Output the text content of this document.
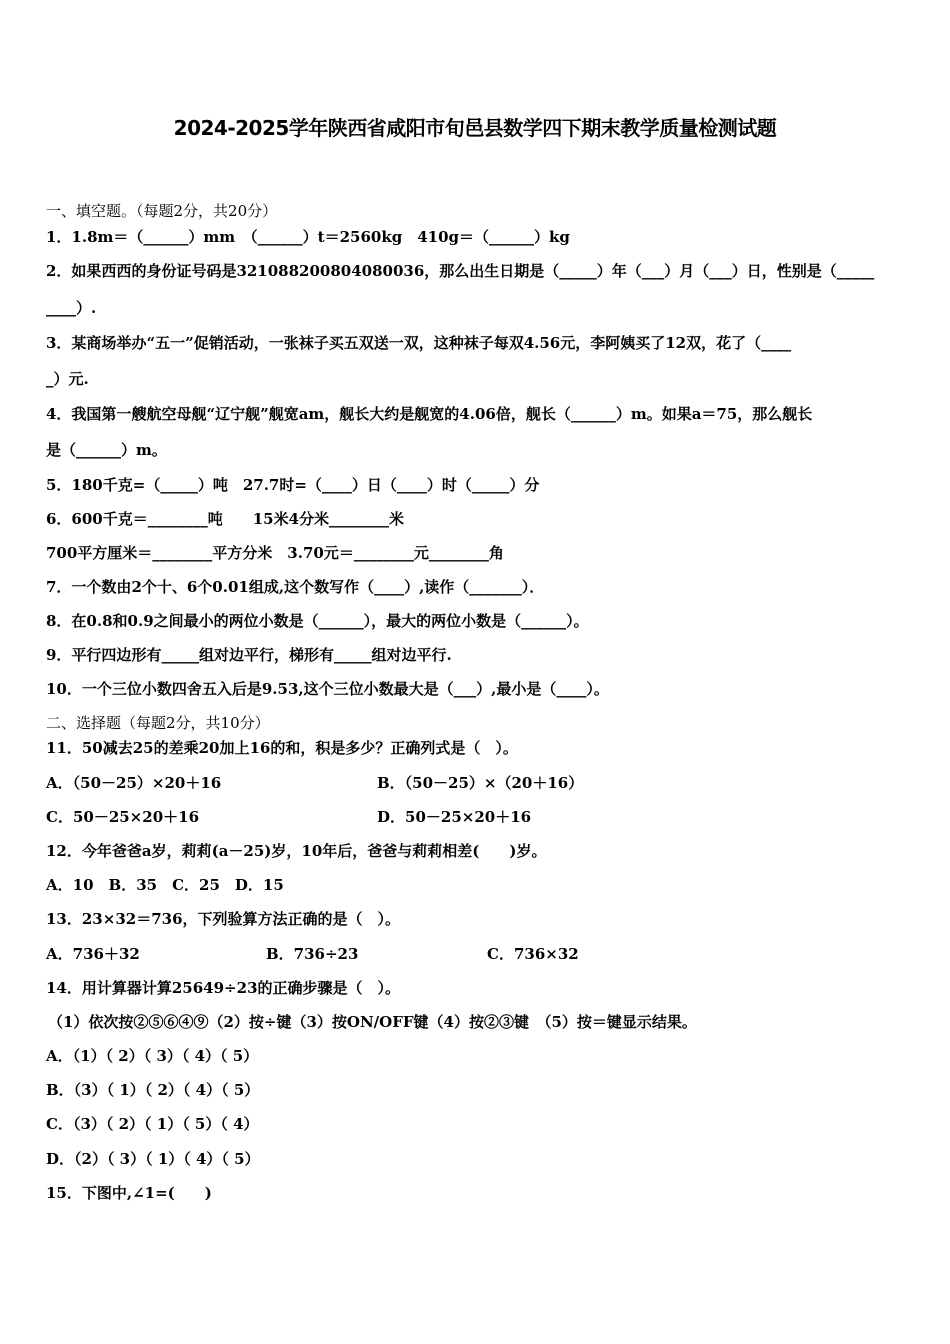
2024-2025学年陕西省咸阳市旬邑县数学四下期末教学质量检测试题
一、填空题。（每题2分，共20分）
1．1.8m＝（______）mm　（______）t＝2560kg　410g＝（______）kg
2．如果西西的身份证号码是321088200804080036，那么出生日期是（_____）年（___）月（___）日，性别是（_____
____）.
3．某商场举办“五一”促销活动，一张袜子买五双送一双，这种袜子每双4.56元，李阿姨买了12双，花了（____
_）元.
4．我国第一艘航空母舰“辽宁舰”舰宽am，舰长大约是舰宽的4.06倍，舰长（______）m。如果a＝75，那么舰长
是（______）m。
5．180千克=（_____）吨　27.7时=（____）日（____）时（_____）分
6．600千克＝________吨　　15米4分米________米
700平方厘米＝________平方分米　3.70元＝________元________角
7．一个数由2个十、6个0.01组成,这个数写作（____）,读作（_______）．
8．在0.8和0.9之间最小的两位小数是（______），最大的两位小数是（______）。
9．平行四边形有_____组对边平行，梯形有_____组对边平行.
10．一个三位小数四舍五入后是9.53,这个三位小数最大是（___）,最小是（____）。
二、选择题（每题2分，共10分）
11．50减去25的差乘20加上16的和，积是多少？正确列式是（　）。
A．（50－25）×20＋16	B．（50－25）×（20＋16）
C．50－25×20＋16	D．50－25×20＋16
12．今年爸爸a岁，莉莉(a－25)岁，10年后，爸爸与莉莉相差(　　)岁。
A．10　B．35　C．25　D．15
13．23×32＝736，下列验算方法正确的是（　）。
A．736＋32	B．736÷23	C．736×32
14．用计算器计算25649÷23的正确步骤是（　）。
（1）依次按②⑤⑥④⑨（2）按÷键（3）按ON/OFF键（4）按②③键　（5）按＝键显示结果。
A．（1）（ 2）（ 3）（ 4）（ 5）
B．（3）（ 1）（ 2）（ 4）（ 5）
C．（3）（ 2）（ 1）（ 5）（ 4）
D．（2）（ 3）（ 1）（ 4）（ 5）
15．下图中,∠1=(　　)
